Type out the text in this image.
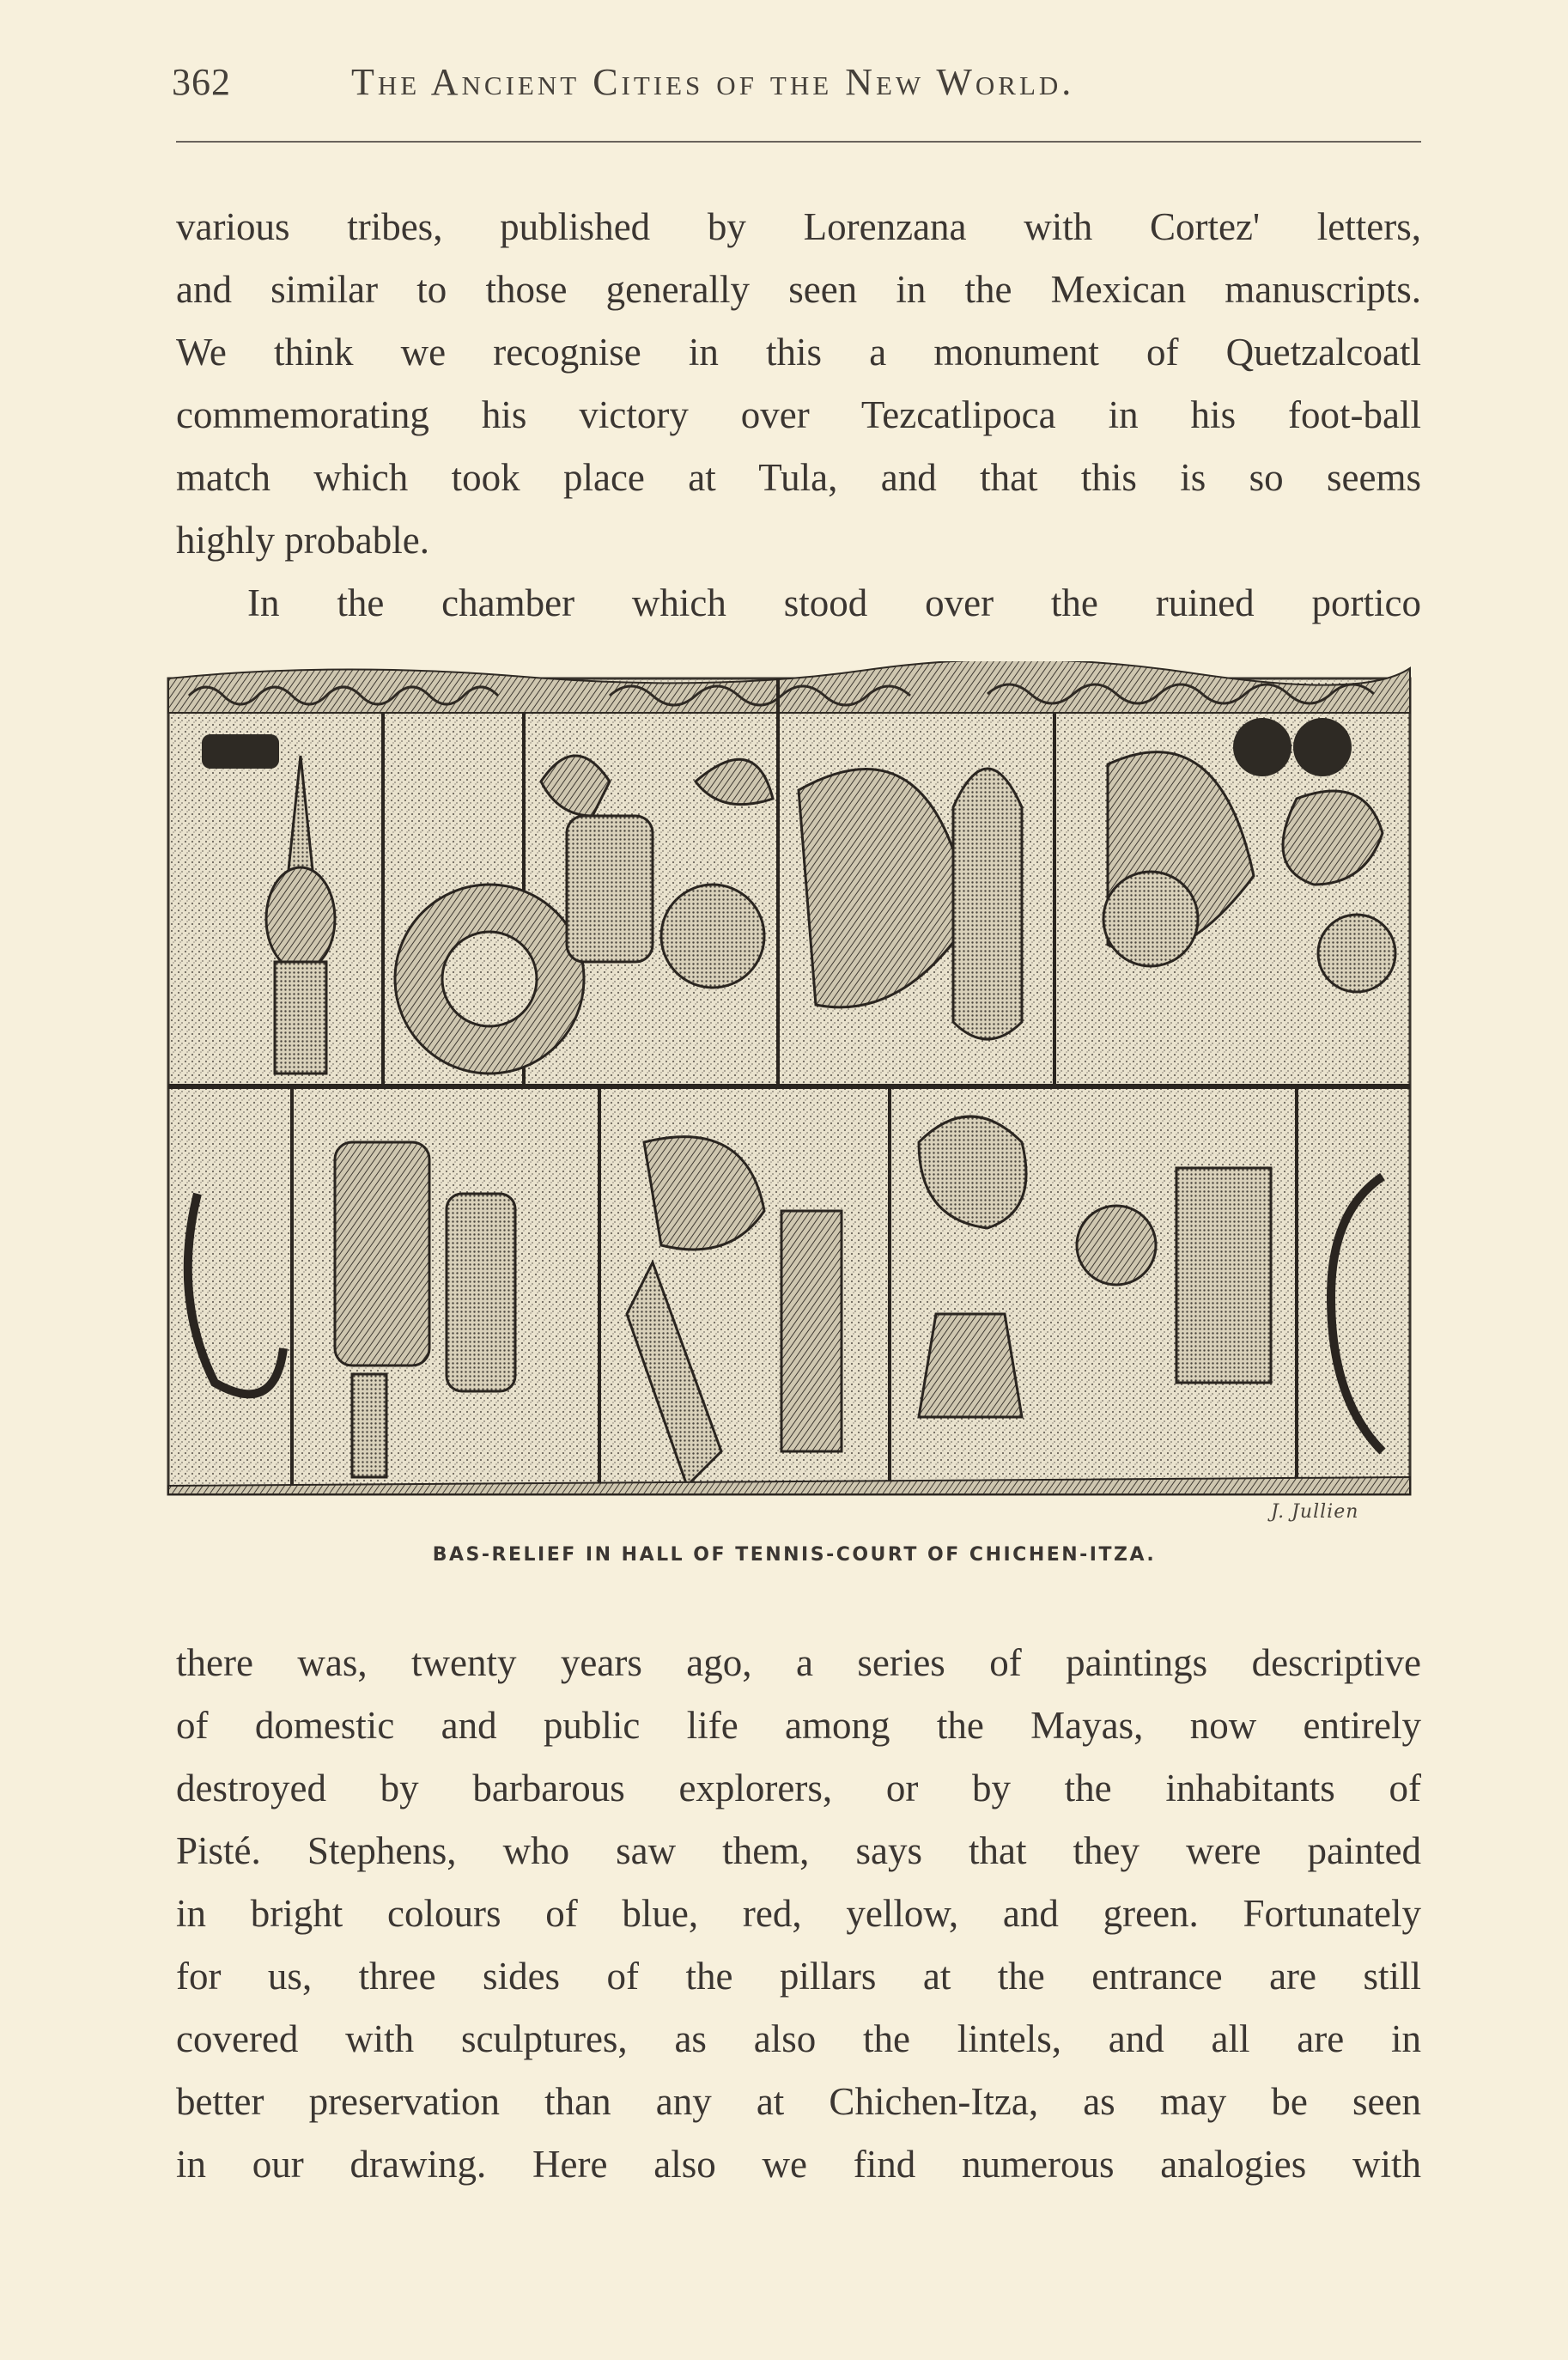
362	The Ancient Cities of the New World.
various tribes, published by Lorenzana with Cortez' letters,
and similar to those generally seen in the Mexican manuscripts.
We think we recognise in this a monument of Quetzalcoatl
commemorating his victory over Tezcatlipoca in his foot-ball
match which took place at Tula, and that this is so seems
highly probable.
In the chamber which stood over the ruined portico
J. Jullien
BAS-RELIEF IN HALL OF TENNIS-COURT OF CHICHEN-ITZA.
there was, twenty years ago, a series of paintings descriptive
of domestic and public life among the Mayas, now entirely
destroyed by barbarous explorers, or by the inhabitants of
Pisté. Stephens, who saw them, says that they were painted
in bright colours of blue, red, yellow, and green. Fortunately
for us, three sides of the pillars at the entrance are still
covered with sculptures, as also the lintels, and all are in
better preservation than any at Chichen-Itza, as may be seen
in our drawing. Here also we find numerous analogies with
